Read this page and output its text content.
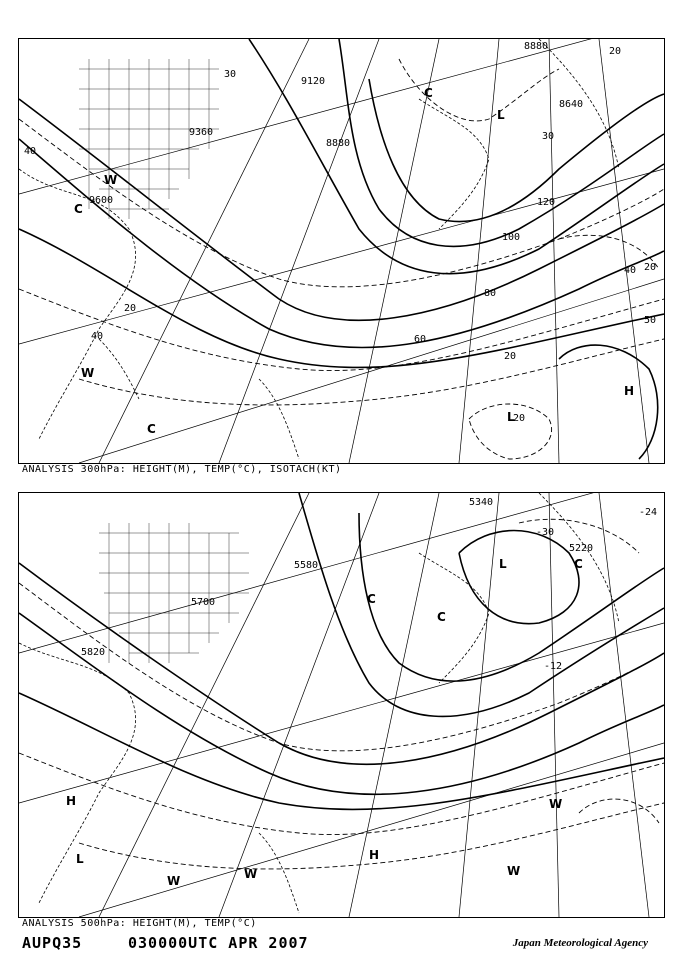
8880
8640
9120
9360
9600
8880
20
30
40
60
80
100
120
40 20
50
20
40
20
20
30
L
C
W
C
W
C
H
L
ANALYSIS 300hPa: HEIGHT(M), TEMP(°C), ISOTACH(KT)
5340
5220
5580
5700
5820
-24
-30
-12
L
C
C
C
W
W
H
L
H
W
W
ANALYSIS 500hPa: HEIGHT(M), TEMP(°C)
AUPQ35	030000UTC APR 2007	Japan Meteorological Agency
